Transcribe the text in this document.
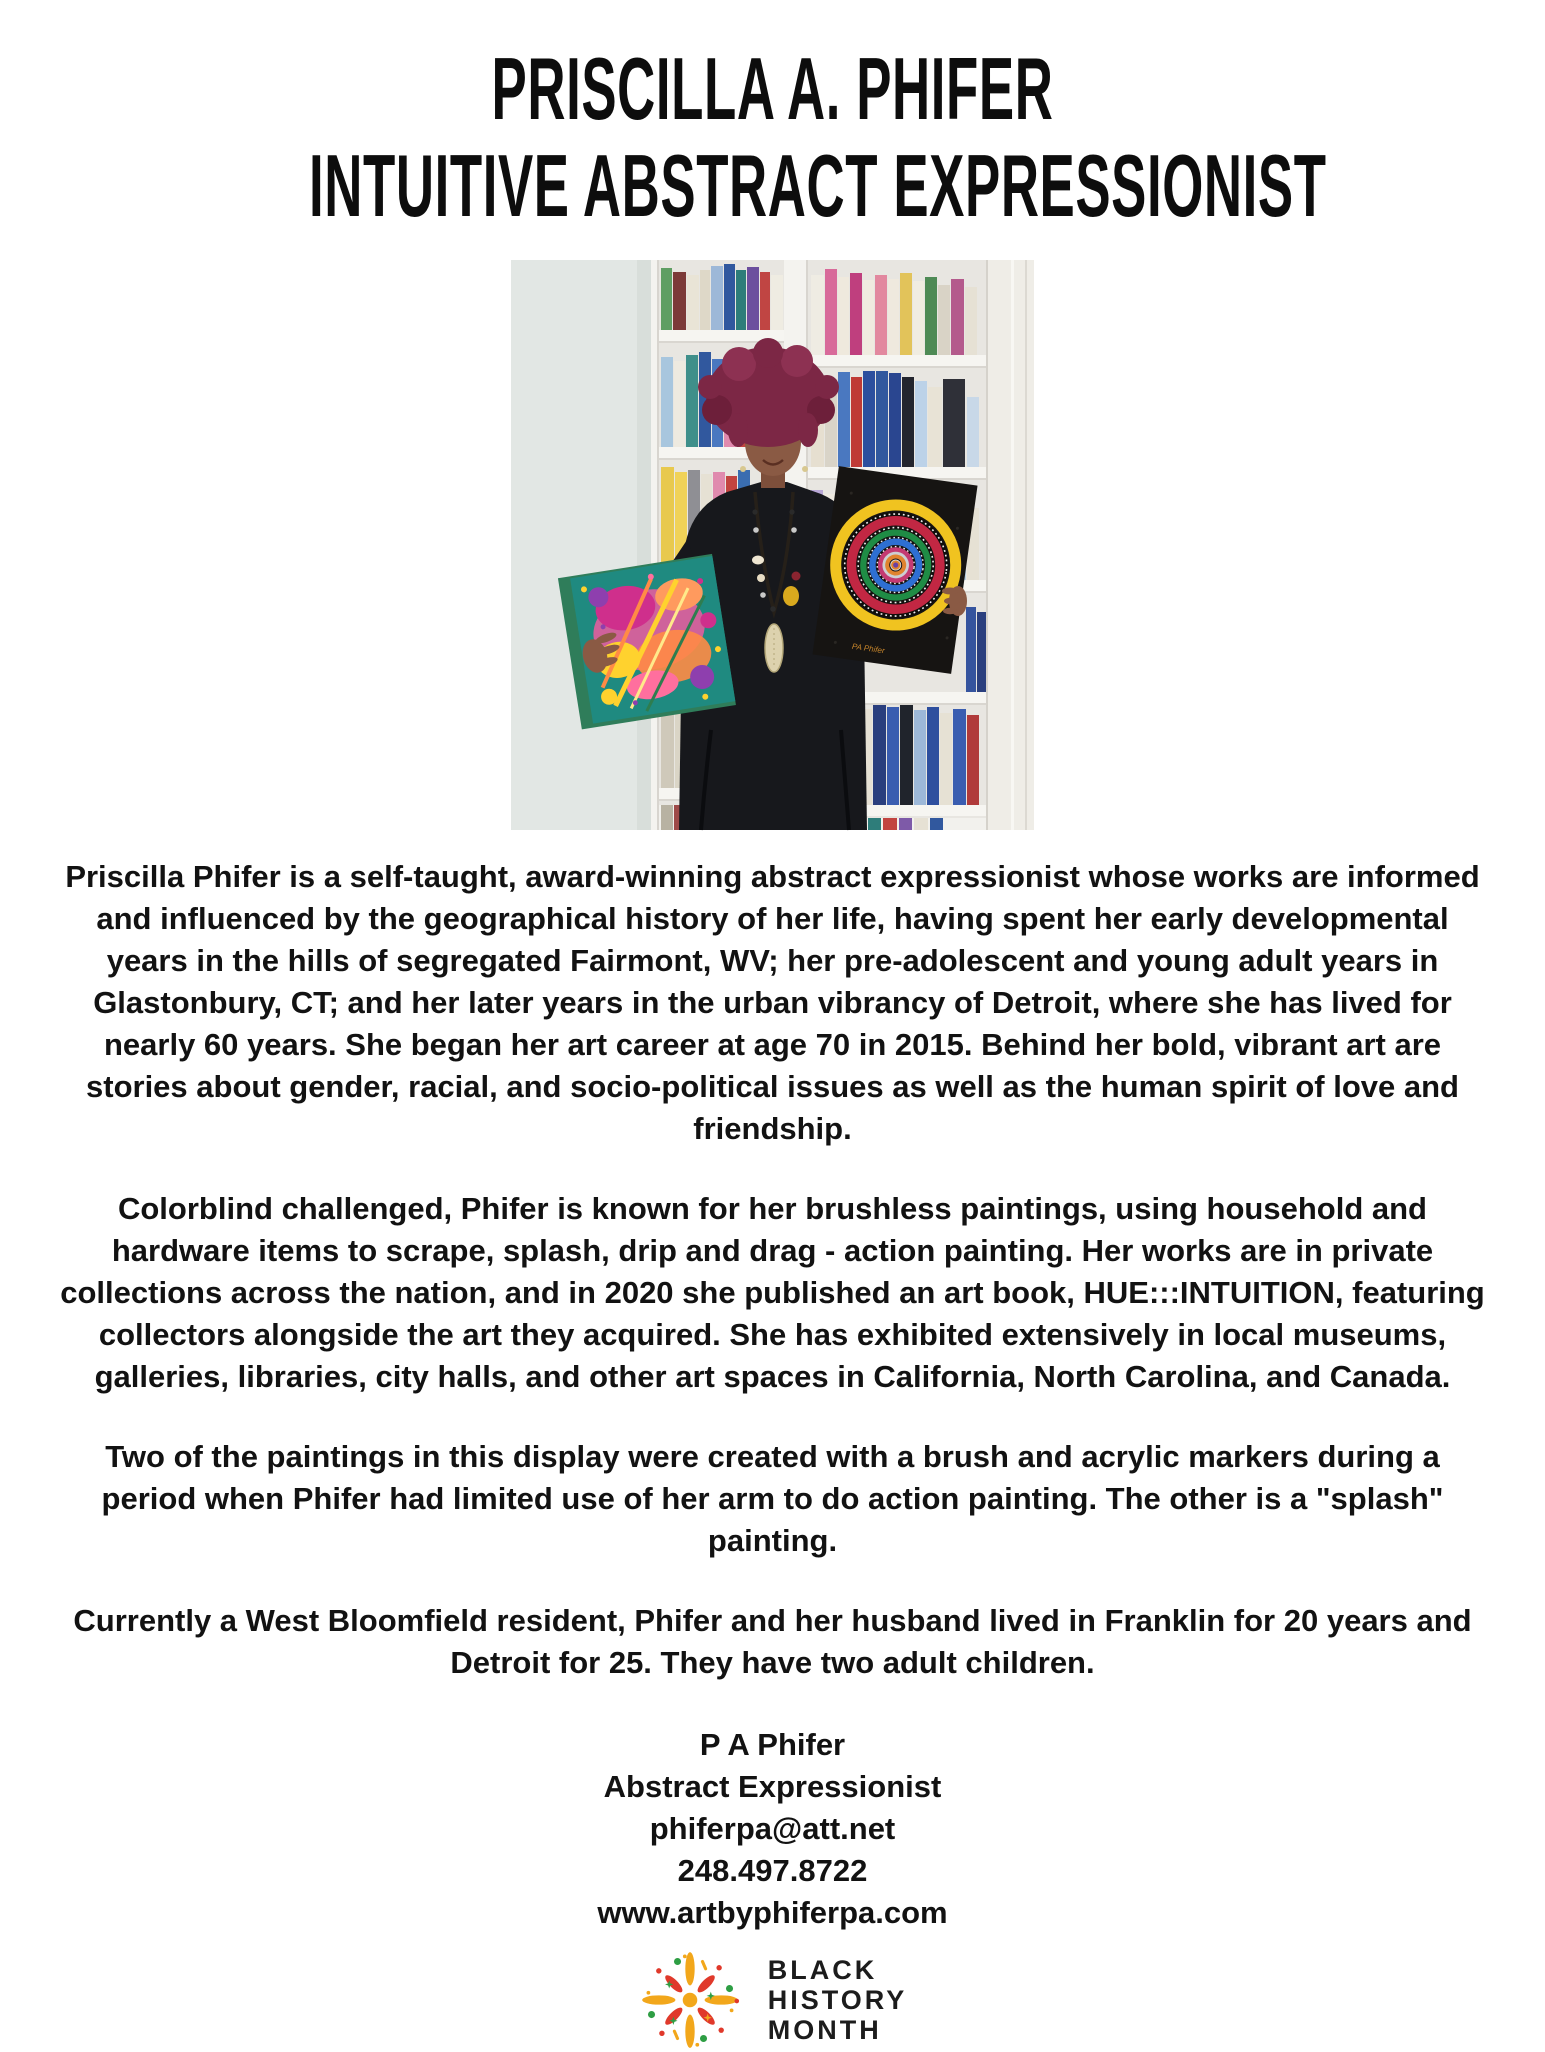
PRISCILLA A. PHIFER
INTUITIVE ABSTRACT EXPRESSIONIST
PA Phifer

Priscilla Phifer is a self-taught, award-winning abstract expressionist whose works are informed and influenced by the geographical history of her life, having spent her early developmental years in the hills of segregated Fairmont, WV; her pre-adolescent and young adult years in Glastonbury, CT; and her later years in the urban vibrancy of Detroit, where she has lived for nearly 60 years. She began her art career at age 70 in 2015. Behind her bold, vibrant art are stories about gender, racial, and socio-political issues as well as the human spirit of love and friendship.

Colorblind challenged, Phifer is known for her brushless paintings, using household and hardware items to scrape, splash, drip and drag - action painting. Her works are in private collections across the nation, and in 2020 she published an art book, HUE:::INTUITION, featuring collectors alongside the art they acquired. She has exhibited extensively in local museums, galleries, libraries, city halls, and other art spaces in California, North Carolina, and Canada.

Two of the paintings in this display were created with a brush and acrylic markers during a period when Phifer had limited use of her arm to do action painting. The other is a "splash" painting.

Currently a West Bloomfield resident, Phifer and her husband lived in Franklin for 20 years and Detroit for 25. They have two adult children.

P A Phifer
Abstract Expressionist
phiferpa@att.net
248.497.8722
www.artbyphiferpa.com
BLACK
HISTORY
MONTH
